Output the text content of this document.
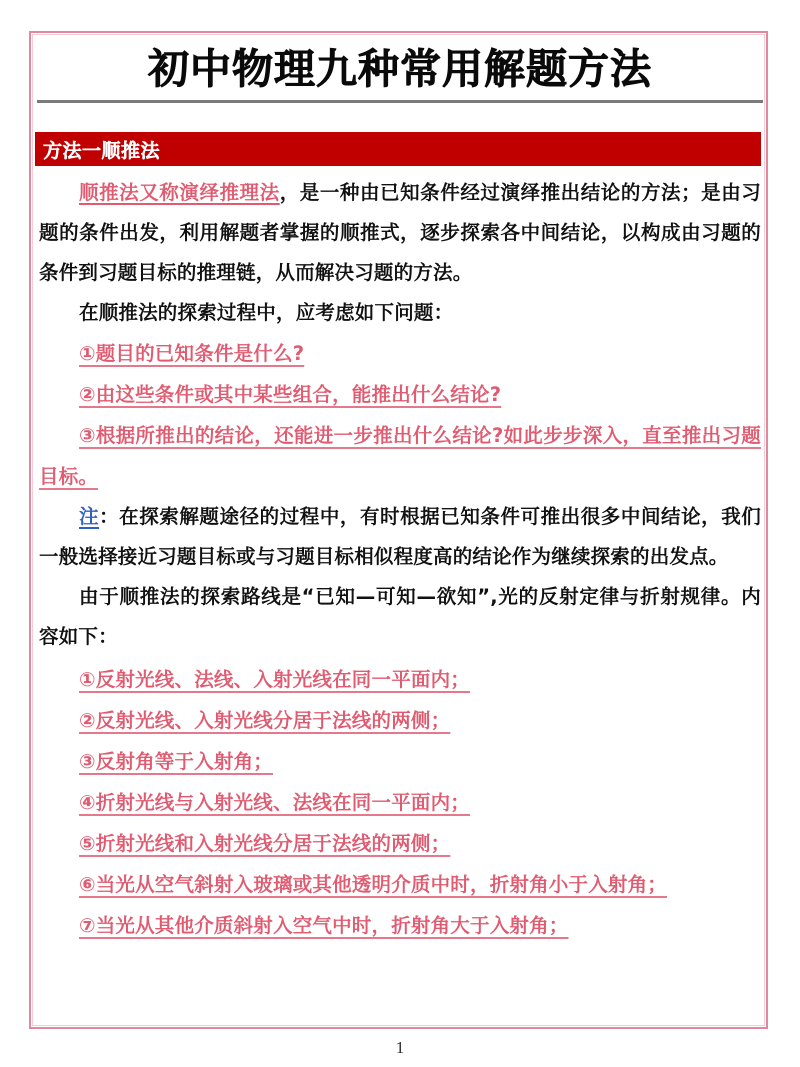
初中物理九种常用解题方法
方法一顺推法

顺推法又称演绎推理法，是一种由已知条件经过演绎推出结论的方法；是由习题的条件出发，利用解题者掌握的顺推式，逐步探索各中间结论，以构成由习题的条件到习题目标的推理链，从而解决习题的方法。

在顺推法的探索过程中，应考虑如下问题：

①题目的已知条件是什么?

②由这些条件或其中某些组合，能推出什么结论?

③根据所推出的结论，还能进一步推出什么结论?如此步步深入，直至推出习题目标。

注：在探索解题途径的过程中，有时根据已知条件可推出很多中间结论，我们一般选择接近习题目标或与习题目标相似程度高的结论作为继续探索的出发点。

由于顺推法的探索路线是“已知—可知—欲知”,光的反射定律与折射规律。内容如下：

①反射光线、法线、入射光线在同一平面内；

②反射光线、入射光线分居于法线的两侧；

③反射角等于入射角；

④折射光线与入射光线、法线在同一平面内；

⑤折射光线和入射光线分居于法线的两侧；

⑥当光从空气斜射入玻璃或其他透明介质中时，折射角小于入射角；

⑦当光从其他介质斜射入空气中时，折射角大于入射角；

1
